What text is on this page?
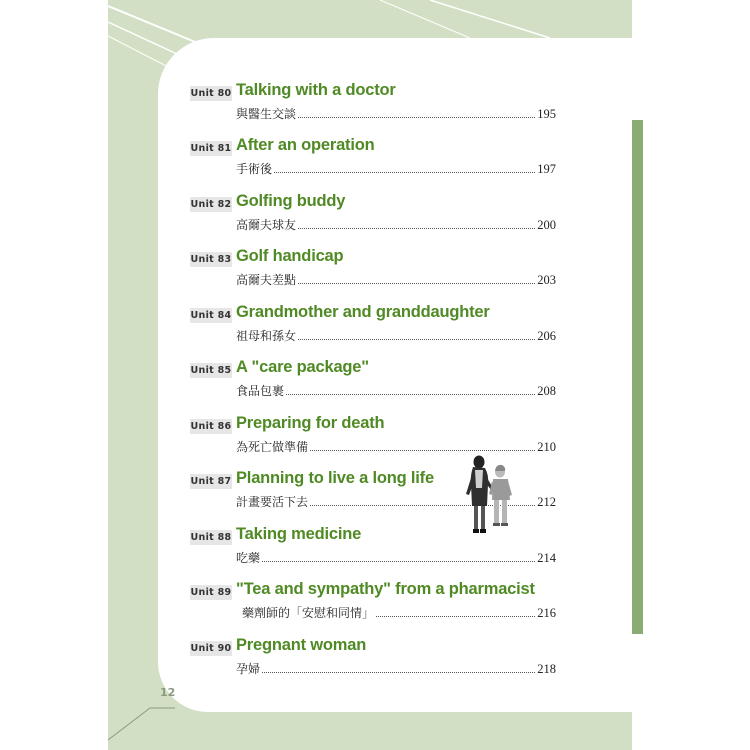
12
Unit 80 Talking with a doctor
與醫生交談	195
Unit 81 After an operation
手術後	197
Unit 82 Golfing buddy
高爾夫球友	200
Unit 83 Golf handicap
高爾夫差點	203
Unit 84 Grandmother and granddaughter
祖母和孫女	206
Unit 85 A "care package"
食品包裹	208
Unit 86 Preparing for death
為死亡做準備	210
Unit 87 Planning to live a long life
計畫要活下去	212
Unit 88 Taking medicine
吃藥	214
Unit 89 "Tea and sympathy" from a pharmacist
藥劑師的「安慰和同情」	216
Unit 90 Pregnant woman
孕婦	218
